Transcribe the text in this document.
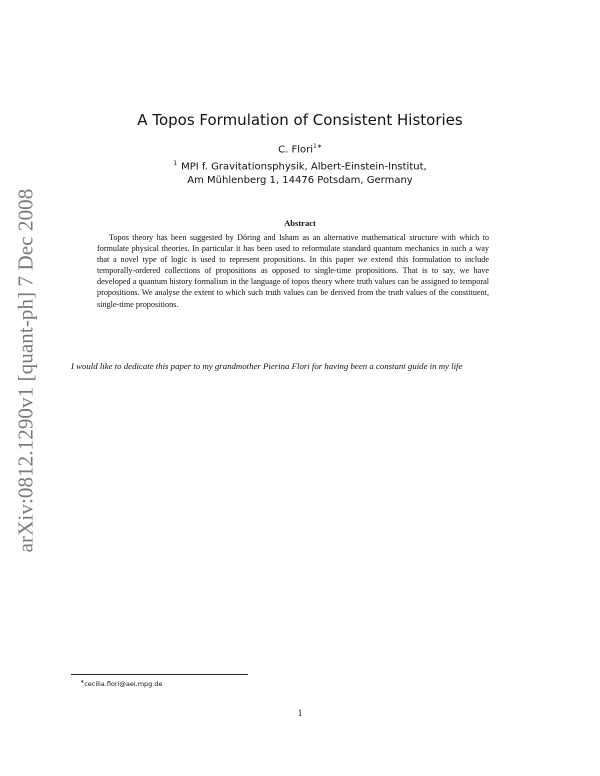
arXiv:0812.1290v1 [quant-ph] 7 Dec 2008
A Topos Formulation of Consistent Histories
C. Flori$^{1∗}$
$^1$ MPI f. Gravitationsphysik, Albert-Einstein-Institut,
Am Mühlenberg 1, 14476 Potsdam, Germany
Abstract

Topos theory has been suggested by Döring and Isham as an alternative mathematical structure with which to formulate physical theories. In particular it has been used to reformulate standard quantum mechanics in such a way that a novel type of logic is used to represent propositions. In this paper we extend this formulation to include temporally-ordered collections of propositions as opposed to single-time propositions. That is to say, we have developed a quantum history formalism in the language of topos theory where truth values can be assigned to temporal propositions. We analyse the extent to which such truth values can be derived from the truth values of the constituent, single-time propositions.

I would like to dedicate this paper to my grandmother Pierina Flori for having been a constant guide in my life

∗cecilia.flori@aei.mpg.de
1
